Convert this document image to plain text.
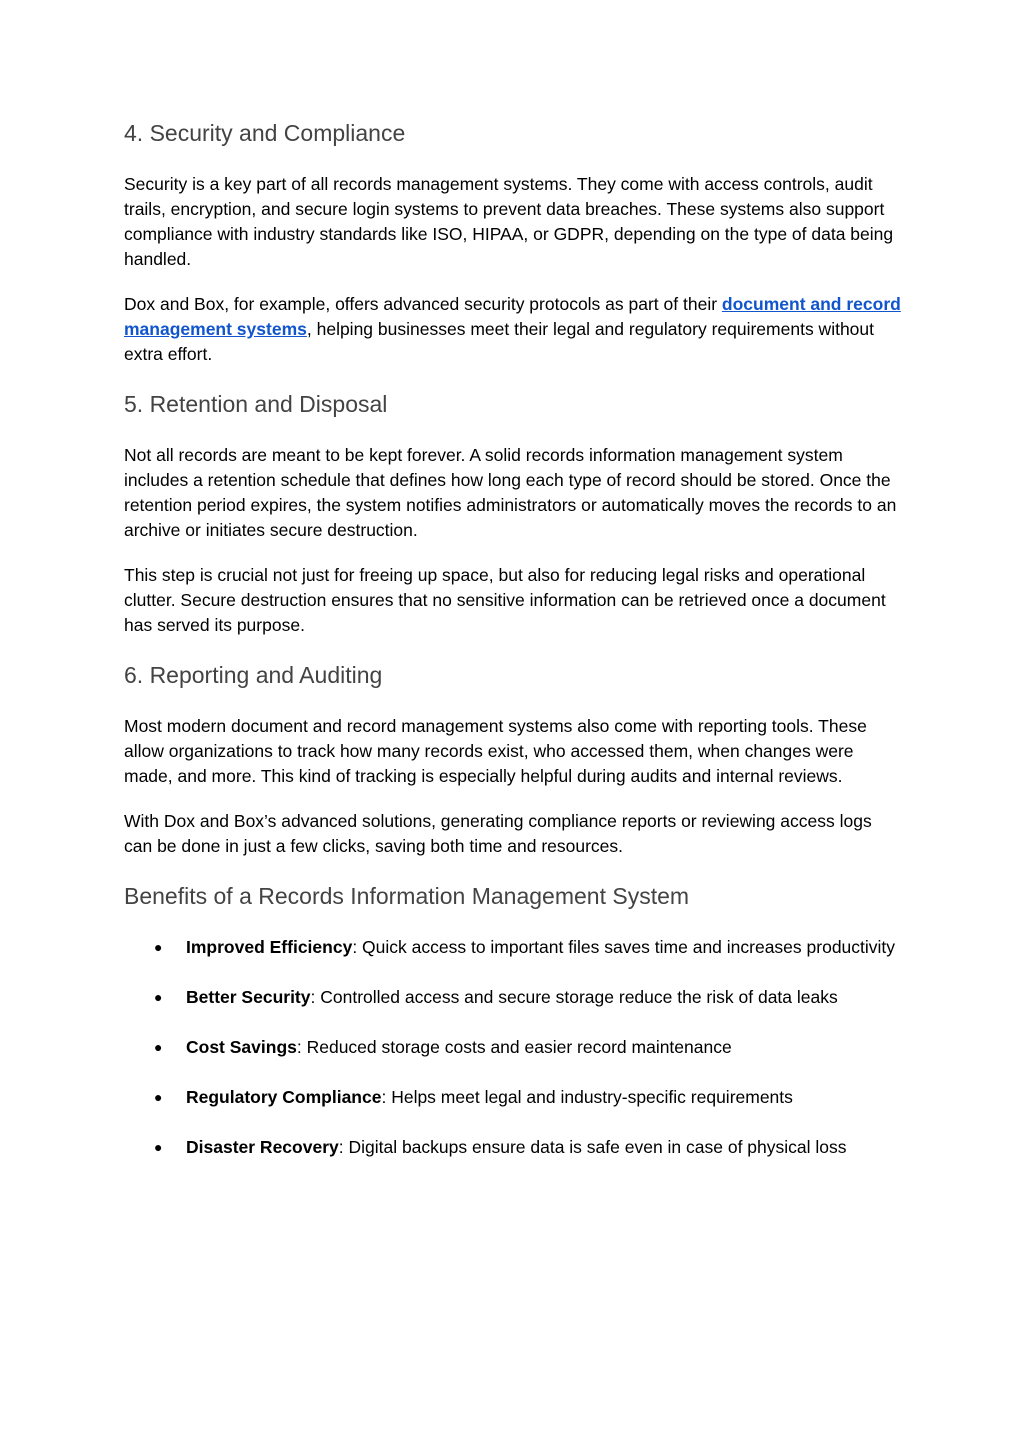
4. Security and Compliance

Security is a key part of all records management systems. They come with access controls, audit trails, encryption, and secure login systems to prevent data breaches. These systems also support compliance with industry standards like ISO, HIPAA, or GDPR, depending on the type of data being handled.

Dox and Box, for example, offers advanced security protocols as part of their document and record management systems, helping businesses meet their legal and regulatory requirements without extra effort.

5. Retention and Disposal

Not all records are meant to be kept forever. A solid records information management system includes a retention schedule that defines how long each type of record should be stored. Once the retention period expires, the system notifies administrators or automatically moves the records to an archive or initiates secure destruction.

This step is crucial not just for freeing up space, but also for reducing legal risks and operational clutter. Secure destruction ensures that no sensitive information can be retrieved once a document has served its purpose.

6. Reporting and Auditing

Most modern document and record management systems also come with reporting tools. These allow organizations to track how many records exist, who accessed them, when changes were made, and more. This kind of tracking is especially helpful during audits and internal reviews.

With Dox and Box’s advanced solutions, generating compliance reports or reviewing access logs can be done in just a few clicks, saving both time and resources.

Benefits of a Records Information Management System
● Improved Efficiency: Quick access to important files saves time and increases productivity
● Better Security: Controlled access and secure storage reduce the risk of data leaks
● Cost Savings: Reduced storage costs and easier record maintenance
● Regulatory Compliance: Helps meet legal and industry-specific requirements
● Disaster Recovery: Digital backups ensure data is safe even in case of physical loss
